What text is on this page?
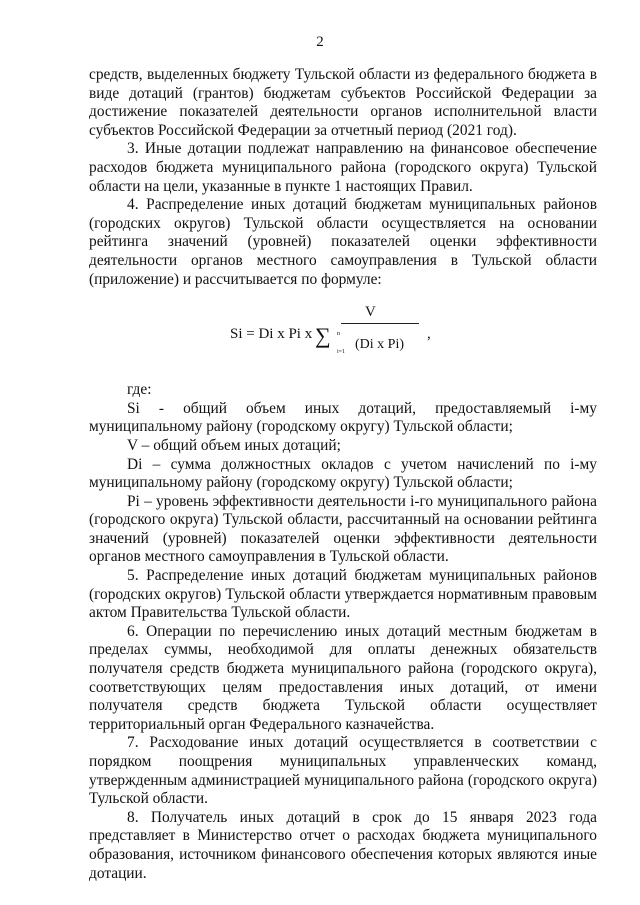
2

средств, выделенных бюджету Тульской области из федерального бюджета в виде дотаций (грантов) бюджетам субъектов Российской Федерации за достижение показателей деятельности органов исполнительной власти субъектов Российской Федерации за отчетный период (2021 год).

3. Иные дотации подлежат направлению на финансовое обеспечение расходов бюджета муниципального района (городского округа) Тульской области на цели, указанные в пункте 1 настоящих Правил.

4. Распределение иных дотаций бюджетам муниципальных районов (городских округов) Тульской области осуществляется на основании рейтинга значений (уровней) показателей оценки эффективности деятельности органов местного самоуправления в Тульской области (приложение) и рассчитывается по формуле:

Si = Di x Pi x
V
∑ n
i=1 (Di x Pi)
,

где:

Si - общий объем иных дотаций, предоставляемый i-му муниципальному району (городскому округу) Тульской области;

V – общий объем иных дотаций;

Di – сумма должностных окладов с учетом начислений по i-му муниципальному району (городскому округу) Тульской области;

Pi – уровень эффективности деятельности i-го муниципального района (городского округа) Тульской области, рассчитанный на основании рейтинга значений (уровней) показателей оценки эффективности деятельности органов местного самоуправления в Тульской области.

5. Распределение иных дотаций бюджетам муниципальных районов (городских округов) Тульской области утверждается нормативным правовым актом Правительства Тульской области.

6. Операции по перечислению иных дотаций местным бюджетам в пределах суммы, необходимой для оплаты денежных обязательств получателя средств бюджета муниципального района (городского округа), соответствующих целям предоставления иных дотаций, от имени получателя средств бюджета Тульской области осуществляет территориальный орган Федерального казначейства.

7. Расходование иных дотаций осуществляется в соответствии с порядком поощрения муниципальных управленческих команд, утвержденным администрацией муниципального района (городского округа) Тульской области.

8. Получатель иных дотаций в срок до 15 января 2023 года представляет в Министерство отчет о расходах бюджета муниципального образования, источником финансового обеспечения которых являются иные дотации.
